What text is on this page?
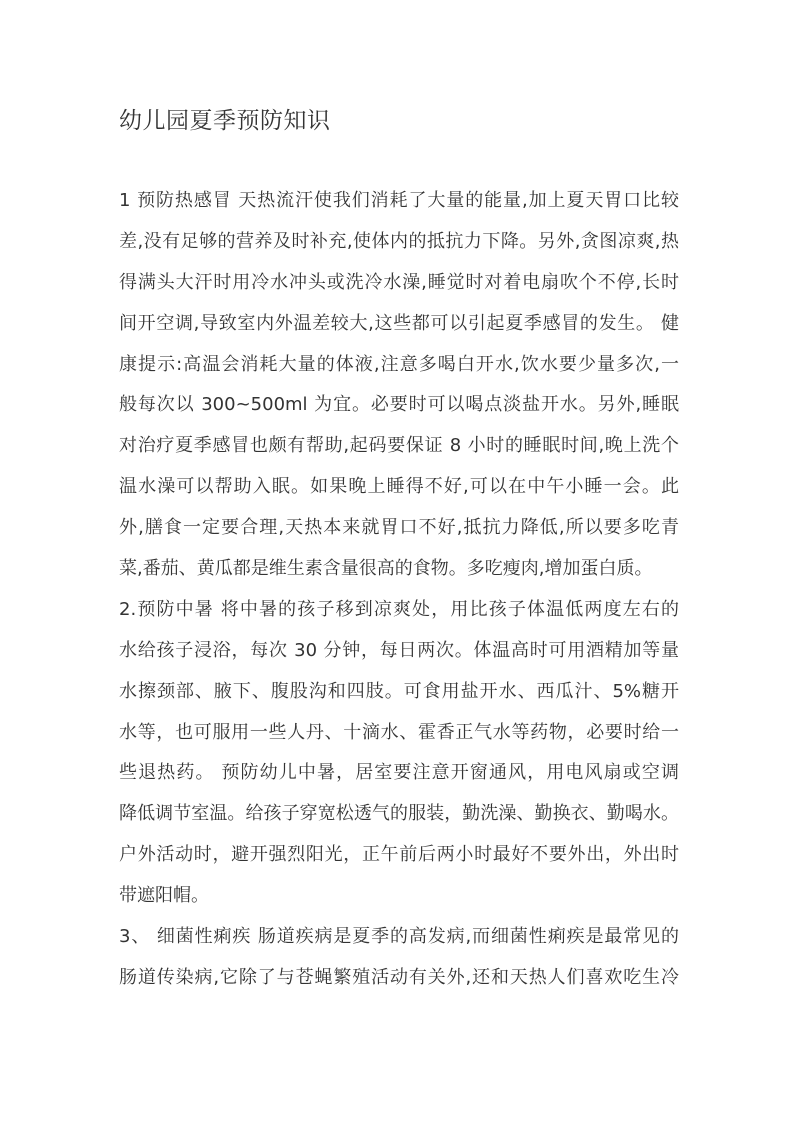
幼儿园夏季预防知识
1 预防热感冒 天热流汗使我们消耗了大量的能量,加上夏天胃口比较
差,没有足够的营养及时补充,使体内的抵抗力下降。另外,贪图凉爽,热
得满头大汗时用冷水冲头或洗冷水澡,睡觉时对着电扇吹个不停,长时
间开空调,导致室内外温差较大,这些都可以引起夏季感冒的发生。 健
康提示:高温会消耗大量的体液,注意多喝白开水,饮水要少量多次,一
般每次以 300~500ml 为宜。必要时可以喝点淡盐开水。另外,睡眠
对治疗夏季感冒也颇有帮助,起码要保证 8 小时的睡眠时间,晚上洗个
温水澡可以帮助入眠。如果晚上睡得不好,可以在中午小睡一会。此
外,膳食一定要合理,天热本来就胃口不好,抵抗力降低,所以要多吃青
菜,番茄、黄瓜都是维生素含量很高的食物。多吃瘦肉,增加蛋白质。
2.预防中暑 将中暑的孩子移到凉爽处，用比孩子体温低两度左右的
水给孩子浸浴，每次 30 分钟，每日两次。体温高时可用酒精加等量
水擦颈部、腋下、腹股沟和四肢。可食用盐开水、西瓜汁、5%糖开
水等，也可服用一些人丹、十滴水、霍香正气水等药物，必要时给一
些退热药。 预防幼儿中暑，居室要注意开窗通风，用电风扇或空调
降低调节室温。给孩子穿宽松透气的服装，勤洗澡、勤换衣、勤喝水。
户外活动时，避开强烈阳光，正午前后两小时最好不要外出，外出时
带遮阳帽。
3、 细菌性痢疾 肠道疾病是夏季的高发病,而细菌性痢疾是最常见的
肠道传染病,它除了与苍蝇繁殖活动有关外,还和天热人们喜欢吃生冷
